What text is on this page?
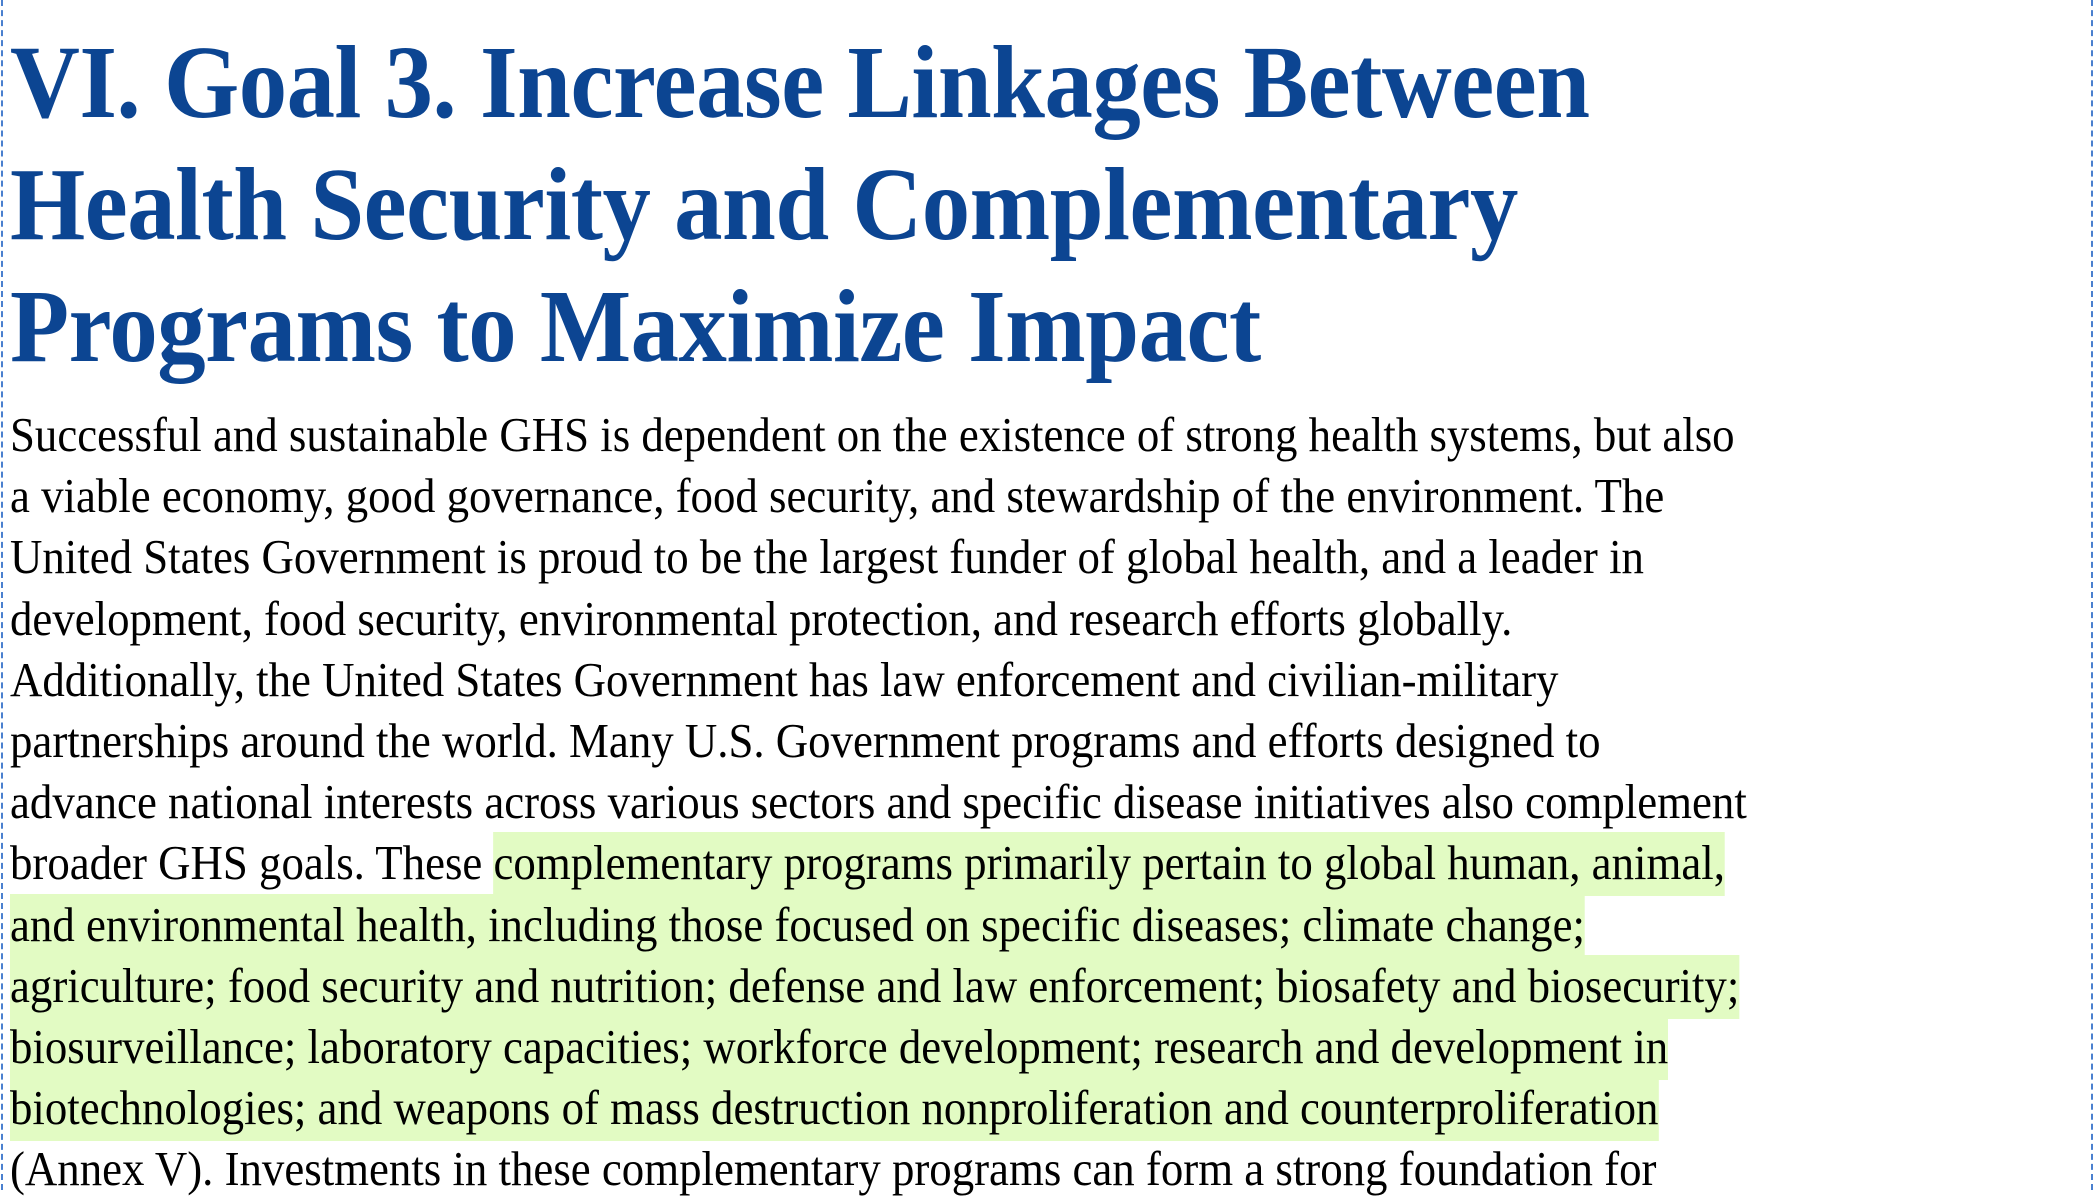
VI. Goal 3. Increase Linkages Between
Health Security and Complementary
Programs to Maximize Impact

Successful and sustainable GHS is dependent on the existence of strong health systems, but also
a viable economy, good governance, food security, and stewardship of the environment. The
United States Government is proud to be the largest funder of global health, and a leader in
development, food security, environmental protection, and research efforts globally.
Additionally, the United States Government has law enforcement and civilian-military
partnerships around the world. Many U.S. Government programs and efforts designed to
advance national interests across various sectors and specific disease initiatives also complement
broader GHS goals. These complementary programs primarily pertain to global human, animal,
and environmental health, including those focused on specific diseases; climate change;
agriculture; food security and nutrition; defense and law enforcement; biosafety and biosecurity;
biosurveillance; laboratory capacities; workforce development; research and development in
biotechnologies; and weapons of mass destruction nonproliferation and counterproliferation
(Annex V). Investments in these complementary programs can form a strong foundation for
